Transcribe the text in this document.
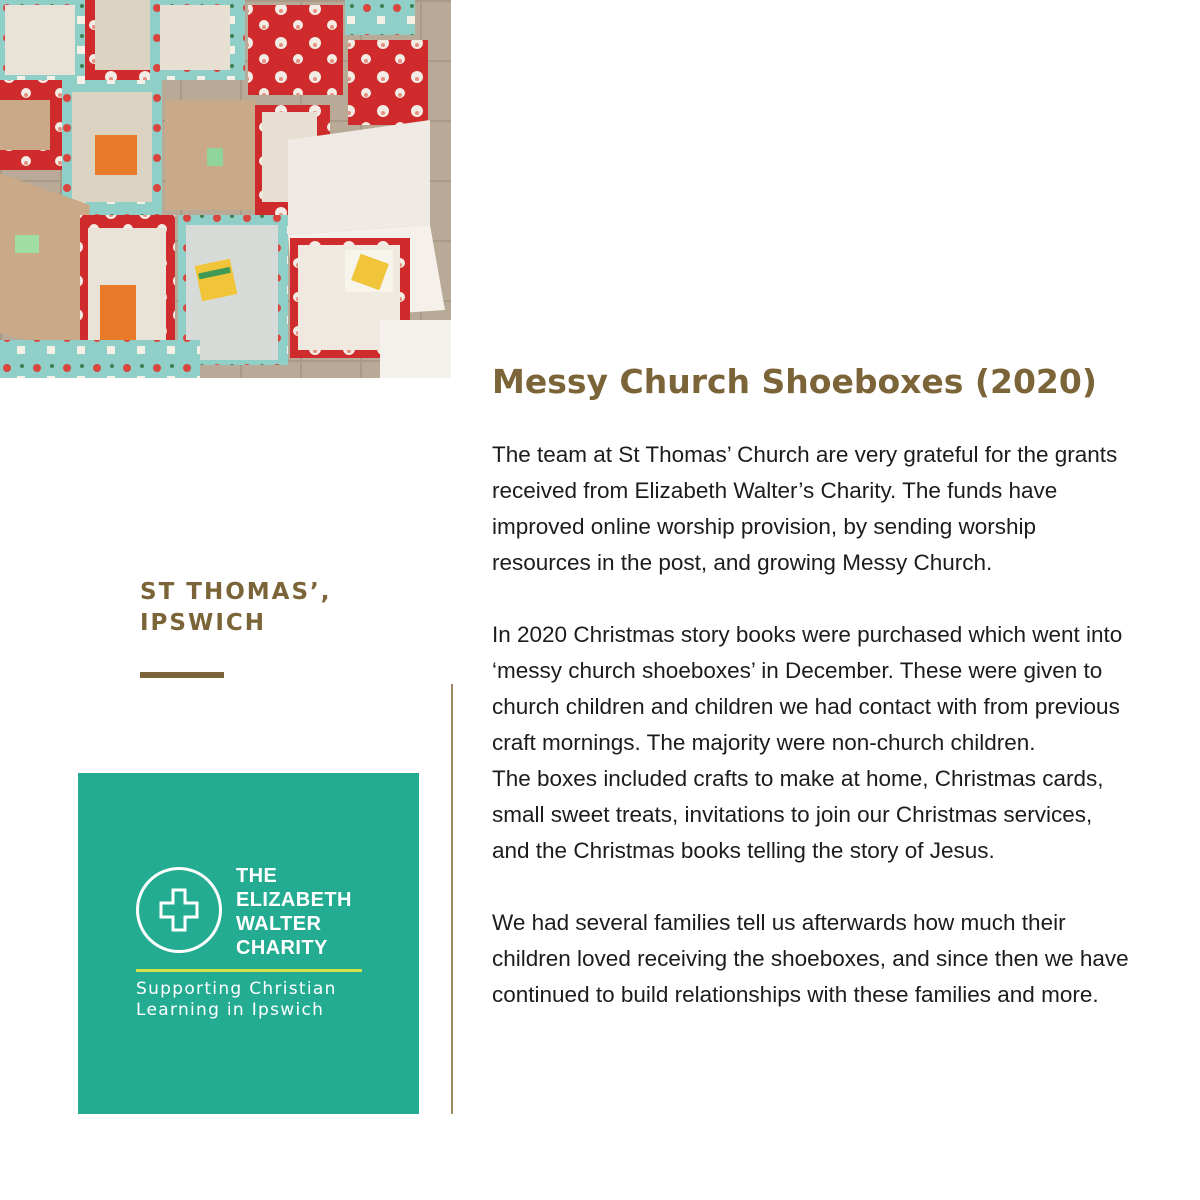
ST THOMAS’,
IPSWICH
THE
ELIZABETH
WALTER
CHARITY
Supporting Christian
Learning in Ipswich
Messy Church Shoeboxes (2020)

The team at St Thomas’ Church are very grateful for the grants received from Elizabeth Walter’s Charity. The funds have improved online worship provision, by sending worship resources in the post, and growing Messy Church.

In 2020 Christmas story books were purchased which went into ‘messy church shoeboxes’ in December. These were given to church children and children we had contact with from previous craft mornings. The majority were non-church children.

The boxes included crafts to make at home, Christmas cards, small sweet treats, invitations to join our Christmas services, and the Christmas books telling the story of Jesus.

We had several families tell us afterwards how much their children loved receiving the shoeboxes, and since then we have continued to build relationships with these families and more.
